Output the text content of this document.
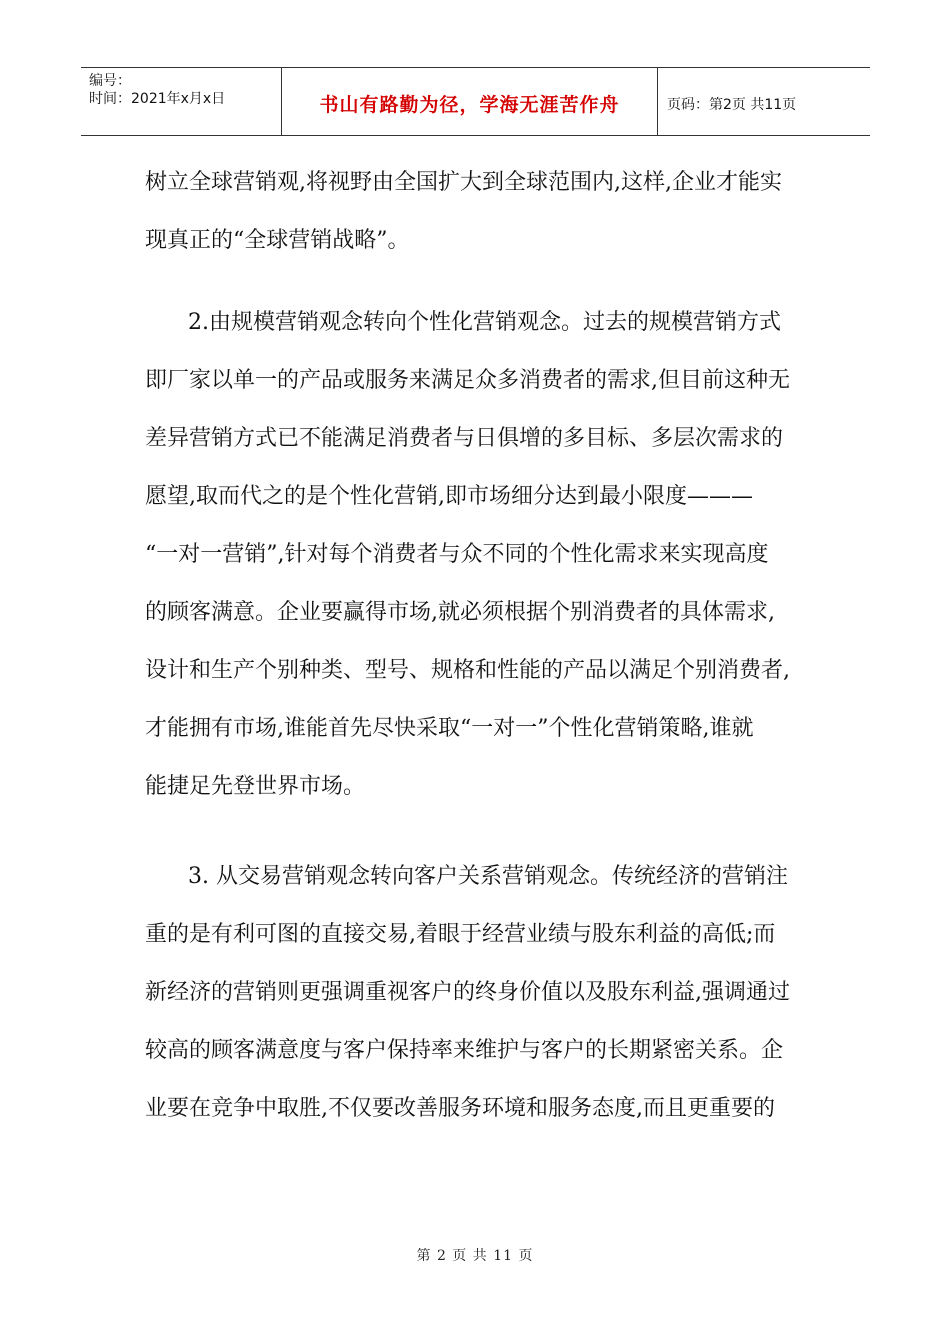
编号：
时间：2021年x月x日	书山有路勤为径，学海无涯苦作舟	页码：第2页 共11页
树立全球营销观,将视野由全国扩大到全球范围内,这样,企业才能实
现真正的“全球营销战略”。
2.由规模营销观念转向个性化营销观念。过去的规模营销方式
即厂家以单一的产品或服务来满足众多消费者的需求,但目前这种无
差异营销方式已不能满足消费者与日俱增的多目标、多层次需求的
愿望,取而代之的是个性化营销,即市场细分达到最小限度———
“一对一营销”,针对每个消费者与众不同的个性化需求来实现高度
的顾客满意。企业要赢得市场,就必须根据个别消费者的具体需求,
设计和生产个别种类、型号、规格和性能的产品以满足个别消费者,
才能拥有市场,谁能首先尽快采取“一对一”个性化营销策略,谁就
能捷足先登世界市场。
3. 从交易营销观念转向客户关系营销观念。传统经济的营销注
重的是有利可图的直接交易,着眼于经营业绩与股东利益的高低;而
新经济的营销则更强调重视客户的终身价值以及股东利益,强调通过
较高的顾客满意度与客户保持率来维护与客户的长期紧密关系。企
业要在竞争中取胜,不仅要改善服务环境和服务态度,而且更重要的
第 2 页 共 11 页
